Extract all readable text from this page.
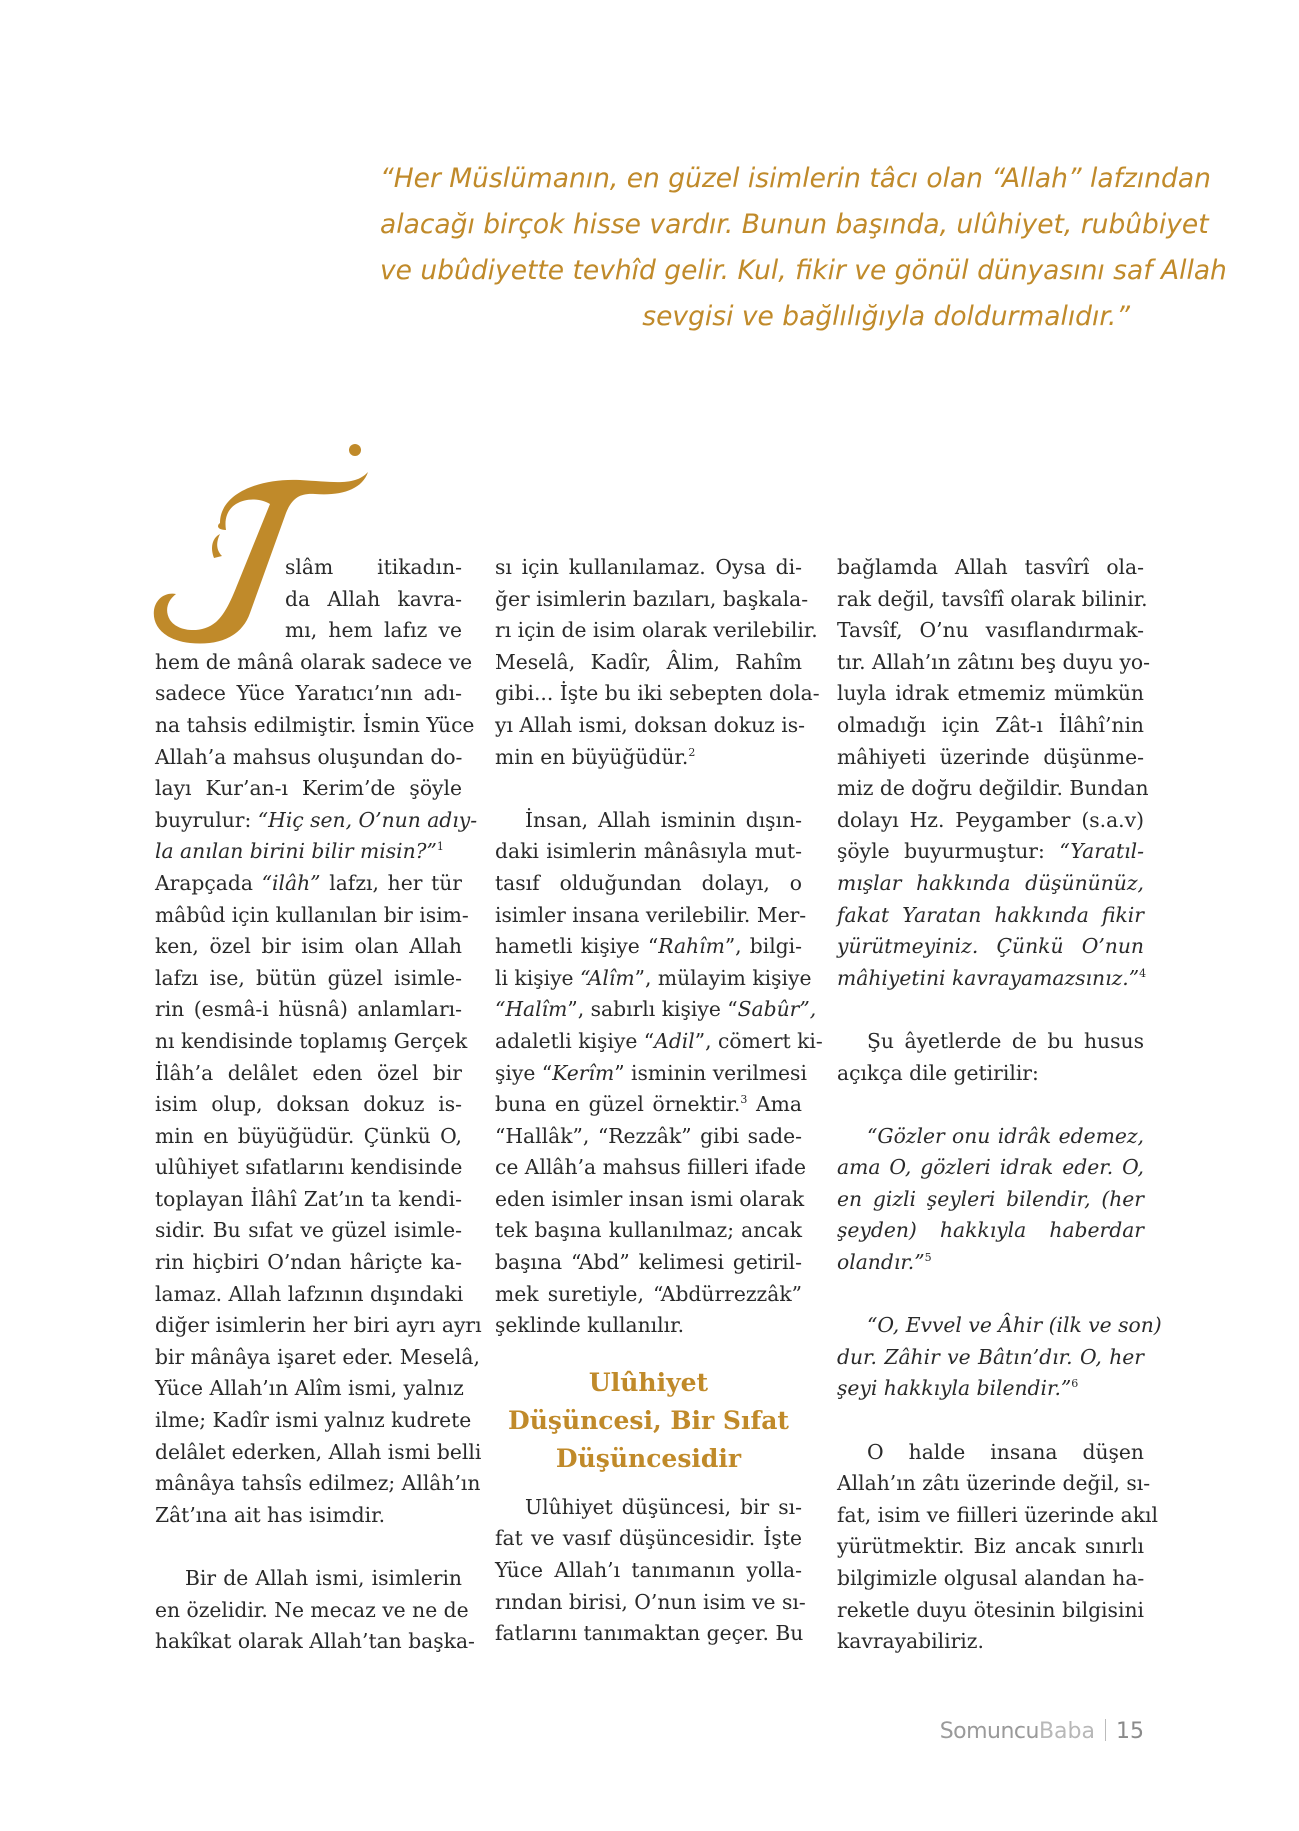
“Her Müslümanın, en güzel isimlerin tâcı olan “Allah” lafzından
alacağı birçok hisse vardır. Bunun başında, ulûhiyet, rubûbiyet
ve ubûdiyette tevhîd gelir. Kul, fikir ve gönül dünyasını saf Allah
sevgisi ve bağlılığıyla doldurmalıdır.”
slâm itikadın-
da Allah kavra-
mı, hem lafız ve
hem de mânâ olarak sadece ve
sadece Yüce Yaratıcı’nın adı-
na tahsis edilmiştir. İsmin Yüce
Allah’a mahsus oluşundan do-
layı Kur’an-ı Kerim’de şöyle
buyrulur: “Hiç sen, O’nun adıy-
la anılan birini bilir misin?”$^1$
Arapçada “ilâh” lafzı, her tür
mâbûd için kullanılan bir isim-
ken, özel bir isim olan Allah
lafzı ise, bütün güzel isimle-
rin (esmâ-i hüsnâ) anlamları-
nı kendisinde toplamış Gerçek
İlâh’a delâlet eden özel bir
isim olup, doksan dokuz is-
min en büyüğüdür. Çünkü O,
ulûhiyet sıfatlarını kendisinde
toplayan İlâhî Zat’ın ta kendi-
sidir. Bu sıfat ve güzel isimle-
rin hiçbiri O’ndan hâriçte ka-
lamaz. Allah lafzının dışındaki
diğer isimlerin her biri ayrı ayrı
bir mânâya işaret eder. Meselâ,
Yüce Allah’ın Alîm ismi, yalnız
ilme; Kadîr ismi yalnız kudrete
delâlet ederken, Allah ismi belli
mânâya tahsîs edilmez; Allâh’ın
Zât’ına ait has isimdir.
Bir de Allah ismi, isimlerin
en özelidir. Ne mecaz ve ne de
hakîkat olarak Allah’tan başka-
sı için kullanılamaz. Oysa di-
ğer isimlerin bazıları, başkala-
rı için de isim olarak verilebilir.
Meselâ, Kadîr, Âlim, Rahîm
gibi... İşte bu iki sebepten dola-
yı Allah ismi, doksan dokuz is-
min en büyüğüdür.$^2$
İnsan, Allah isminin dışın-
daki isimlerin mânâsıyla mut-
tasıf olduğundan dolayı, o
isimler insana verilebilir. Mer-
hametli kişiye “Rahîm”, bilgi-
li kişiye “Alîm”, mülayim kişiye
“Halîm”, sabırlı kişiye “Sabûr”,
adaletli kişiye “Adil”, cömert ki-
şiye “Kerîm” isminin verilmesi
buna en güzel örnektir.$^3$ Ama
“Hallâk”, “Rezzâk” gibi sade-
ce Allâh’a mahsus fiilleri ifade
eden isimler insan ismi olarak
tek başına kullanılmaz; ancak
başına “Abd” kelimesi getiril-
mek suretiyle, “Abdürrezzâk”
şeklinde kullanılır.
Ulûhiyet
Düşüncesi, Bir Sıfat
Düşüncesidir
Ulûhiyet düşüncesi, bir sı-
fat ve vasıf düşüncesidir. İşte
Yüce Allah’ı tanımanın yolla-
rından birisi, O’nun isim ve sı-
fatlarını tanımaktan geçer. Bu
bağlamda Allah tasvîrî ola-
rak değil, tavsîfî olarak bilinir.
Tavsîf, O’nu vasıflandırmak-
tır. Allah’ın zâtını beş duyu yo-
luyla idrak etmemiz mümkün
olmadığı için Zât-ı İlâhî’nin
mâhiyeti üzerinde düşünme-
miz de doğru değildir. Bundan
dolayı Hz. Peygamber (s.a.v)
şöyle buyurmuştur: “Yaratıl-
mışlar hakkında düşününüz,
fakat Yaratan hakkında fikir
yürütmeyiniz. Çünkü O’nun
mâhiyetini kavrayamazsınız.”$^4$
Şu âyetlerde de bu husus
açıkça dile getirilir:
“Gözler onu idrâk edemez,
ama O, gözleri idrak eder. O,
en gizli şeyleri bilendir, (her
şeyden) hakkıyla haberdar
olandır.”$^5$
“O, Evvel ve Âhir (ilk ve son)
dur. Zâhir ve Bâtın’dır. O, her
şeyi hakkıyla bilendir.”$^6$
O halde insana düşen
Allah’ın zâtı üzerinde değil, sı-
fat, isim ve fiilleri üzerinde akıl
yürütmektir. Biz ancak sınırlı
bilgimizle olgusal alandan ha-
reketle duyu ötesinin bilgisini
kavrayabiliriz.
SomuncuBaba 15
